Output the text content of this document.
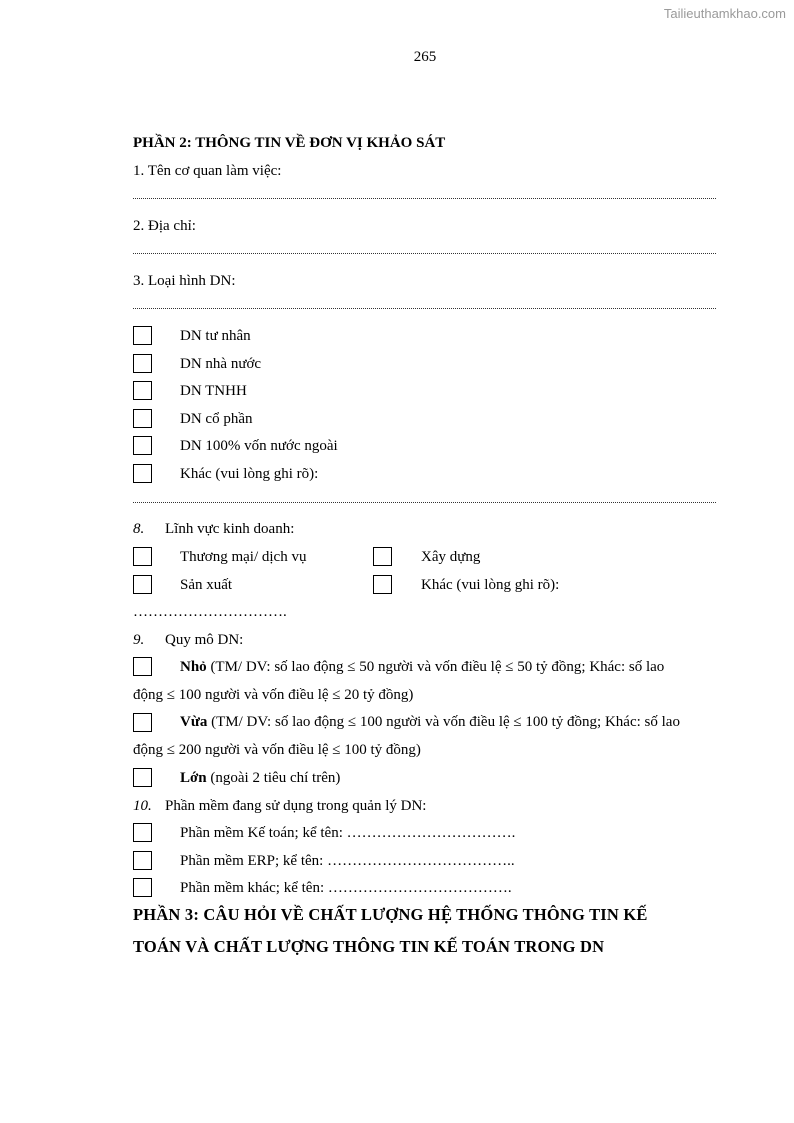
Tailieuthamkhao.com
265
PHẦN 2: THÔNG TIN VỀ ĐƠN VỊ KHẢO SÁT
1. Tên cơ quan làm việc:
2. Địa chỉ:
3. Loại hình DN:
DN tư nhân
DN nhà nước
DN TNHH
DN cổ phần
DN 100% vốn nước ngoài
Khác (vui lòng ghi rõ):
8. Lĩnh vực kinh doanh:
Thương mại/ dịch vụ	Xây dựng
Sản xuất	Khác (vui lòng ghi rõ):
………………………….
9. Quy mô DN:
Nhỏ (TM/ DV: số lao động ≤ 50 người và vốn điều lệ ≤ 50 tỷ đồng; Khác: số lao
động ≤ 100 người và vốn điều lệ ≤ 20 tỷ đồng)
Vừa (TM/ DV: số lao động ≤ 100 người và vốn điều lệ ≤ 100 tỷ đồng; Khác: số lao
động ≤ 200 người và vốn điều lệ ≤ 100 tỷ đồng)
Lớn (ngoài 2 tiêu chí trên)
10. Phần mềm đang sử dụng trong quản lý DN:
Phần mềm Kế toán; kể tên: …………………………….
Phần mềm ERP; kể tên: ………………………………..
Phần mềm khác; kể tên: ……………………………….
PHẦN 3: CÂU HỎI VỀ CHẤT LƯỢNG HỆ THỐNG THÔNG TIN KẾ
TOÁN VÀ CHẤT LƯỢNG THÔNG TIN KẾ TOÁN TRONG DN
